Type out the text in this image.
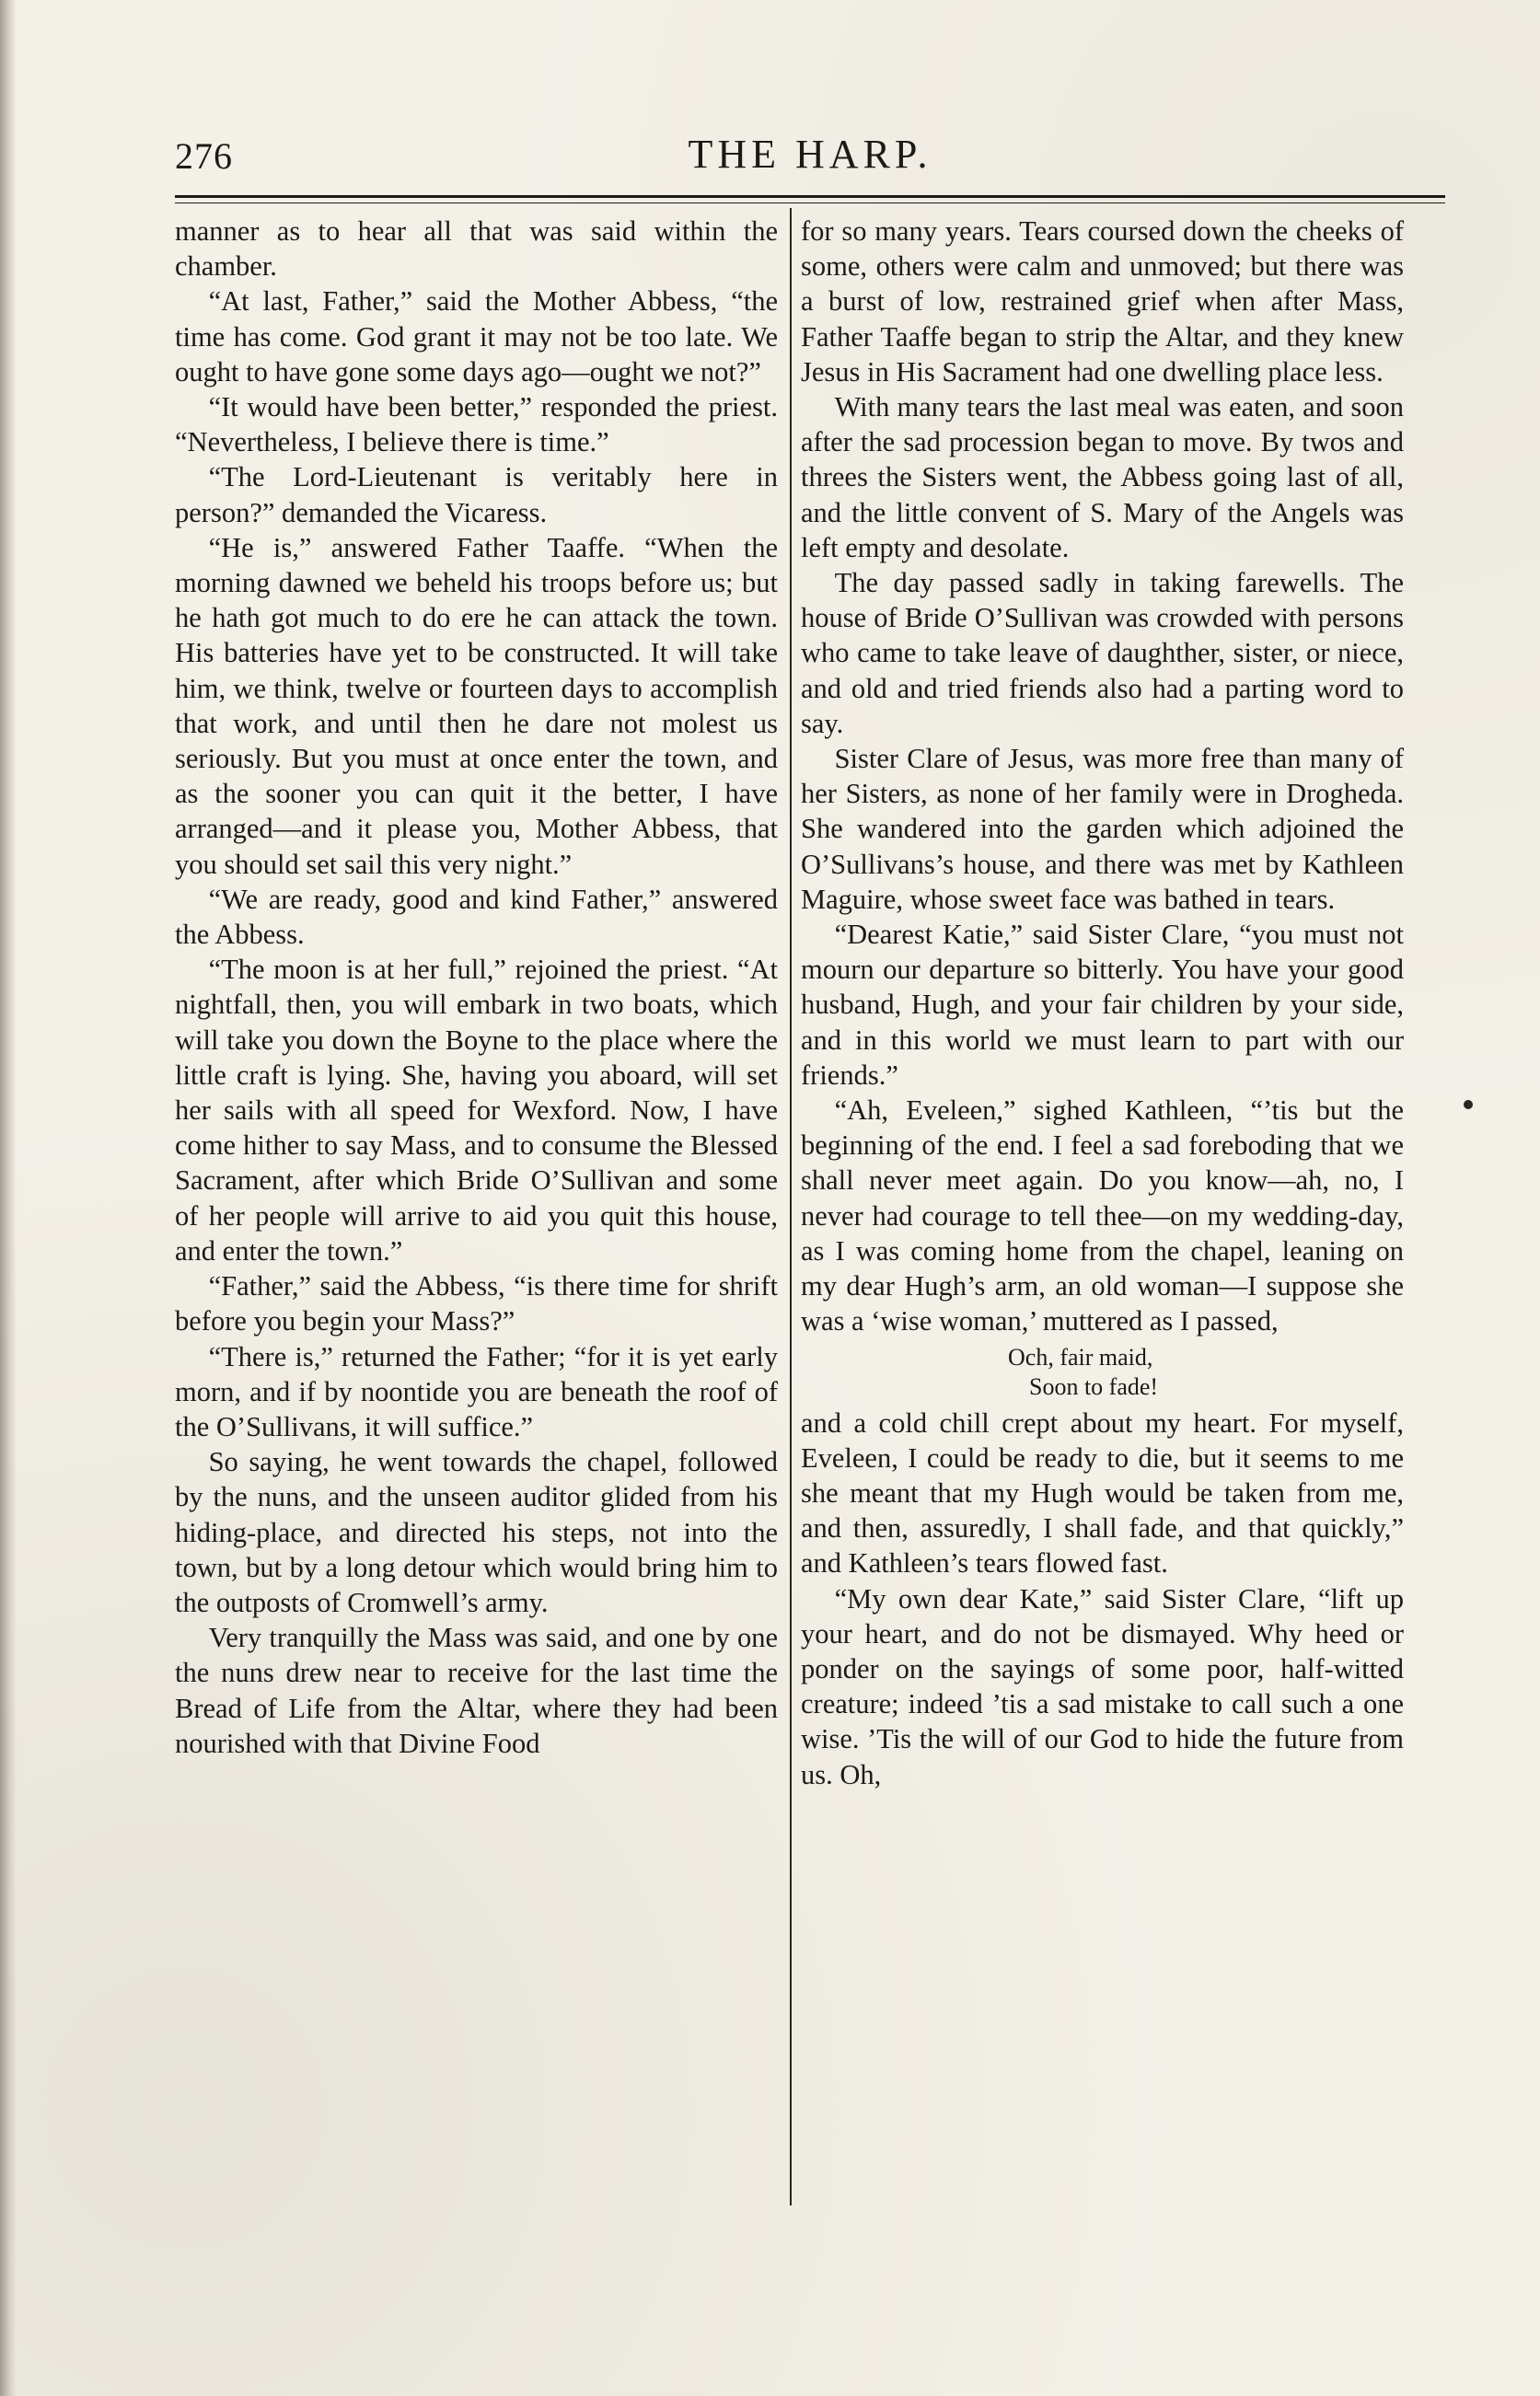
276	THE HARP.

manner as to hear all that was said within the chamber.

“At last, Father,” said the Mother Abbess, “the time has come. God grant it may not be too late. We ought to have gone some days ago—ought we not?”

“It would have been better,” responded the priest. “Nevertheless, I believe there is time.”

“The Lord-Lieutenant is veritably here in person?” demanded the Vicaress.

“He is,” answered Father Taaffe. “When the morning dawned we beheld his troops before us; but he hath got much to do ere he can attack the town. His batteries have yet to be constructed. It will take him, we think, twelve or fourteen days to accomplish that work, and until then he dare not molest us seriously. But you must at once enter the town, and as the sooner you can quit it the better, I have arranged—and it please you, Mother Abbess, that you should set sail this very night.”

“We are ready, good and kind Father,” answered the Abbess.

“The moon is at her full,” rejoined the priest. “At nightfall, then, you will embark in two boats, which will take you down the Boyne to the place where the little craft is lying. She, having you aboard, will set her sails with all speed for Wexford. Now, I have come hither to say Mass, and to consume the Blessed Sacrament, after which Bride O’Sullivan and some of her people will arrive to aid you quit this house, and enter the town.”

“Father,” said the Abbess, “is there time for shrift before you begin your Mass?”

“There is,” returned the Father; “for it is yet early morn, and if by noontide you are beneath the roof of the O’Sullivans, it will suffice.”

So saying, he went towards the chapel, followed by the nuns, and the unseen auditor glided from his hiding-place, and directed his steps, not into the town, but by a long detour which would bring him to the outposts of Cromwell’s army.

Very tranquilly the Mass was said, and one by one the nuns drew near to receive for the last time the Bread of Life from the Altar, where they had been nourished with that Divine Food

for so many years. Tears coursed down the cheeks of some, others were calm and unmoved; but there was a burst of low, restrained grief when after Mass, Father Taaffe began to strip the Altar, and they knew Jesus in His Sacrament had one dwelling place less.

With many tears the last meal was eaten, and soon after the sad procession began to move. By twos and threes the Sisters went, the Abbess going last of all, and the little convent of S. Mary of the Angels was left empty and desolate.

The day passed sadly in taking farewells. The house of Bride O’Sullivan was crowded with persons who came to take leave of daughther, sister, or niece, and old and tried friends also had a parting word to say.

Sister Clare of Jesus, was more free than many of her Sisters, as none of her family were in Drogheda. She wandered into the garden which adjoined the O’Sullivans’s house, and there was met by Kathleen Maguire, whose sweet face was bathed in tears.

“Dearest Katie,” said Sister Clare, “you must not mourn our departure so bitterly. You have your good husband, Hugh, and your fair children by your side, and in this world we must learn to part with our friends.”

“Ah, Eveleen,” sighed Kathleen, “’tis but the beginning of the end. I feel a sad foreboding that we shall never meet again. Do you know—ah, no, I never had courage to tell thee—on my wedding-day, as I was coming home from the chapel, leaning on my dear Hugh’s arm, an old woman—I suppose she was a ‘wise woman,’ muttered as I passed,

Och, fair maid,
Soon to fade!

and a cold chill crept about my heart. For myself, Eveleen, I could be ready to die, but it seems to me she meant that my Hugh would be taken from me, and then, assuredly, I shall fade, and that quickly,” and Kathleen’s tears flowed fast.

“My own dear Kate,” said Sister Clare, “lift up your heart, and do not be dismayed. Why heed or ponder on the sayings of some poor, half-witted creature; indeed ’tis a sad mistake to call such a one wise. ’Tis the will of our God to hide the future from us. Oh,
